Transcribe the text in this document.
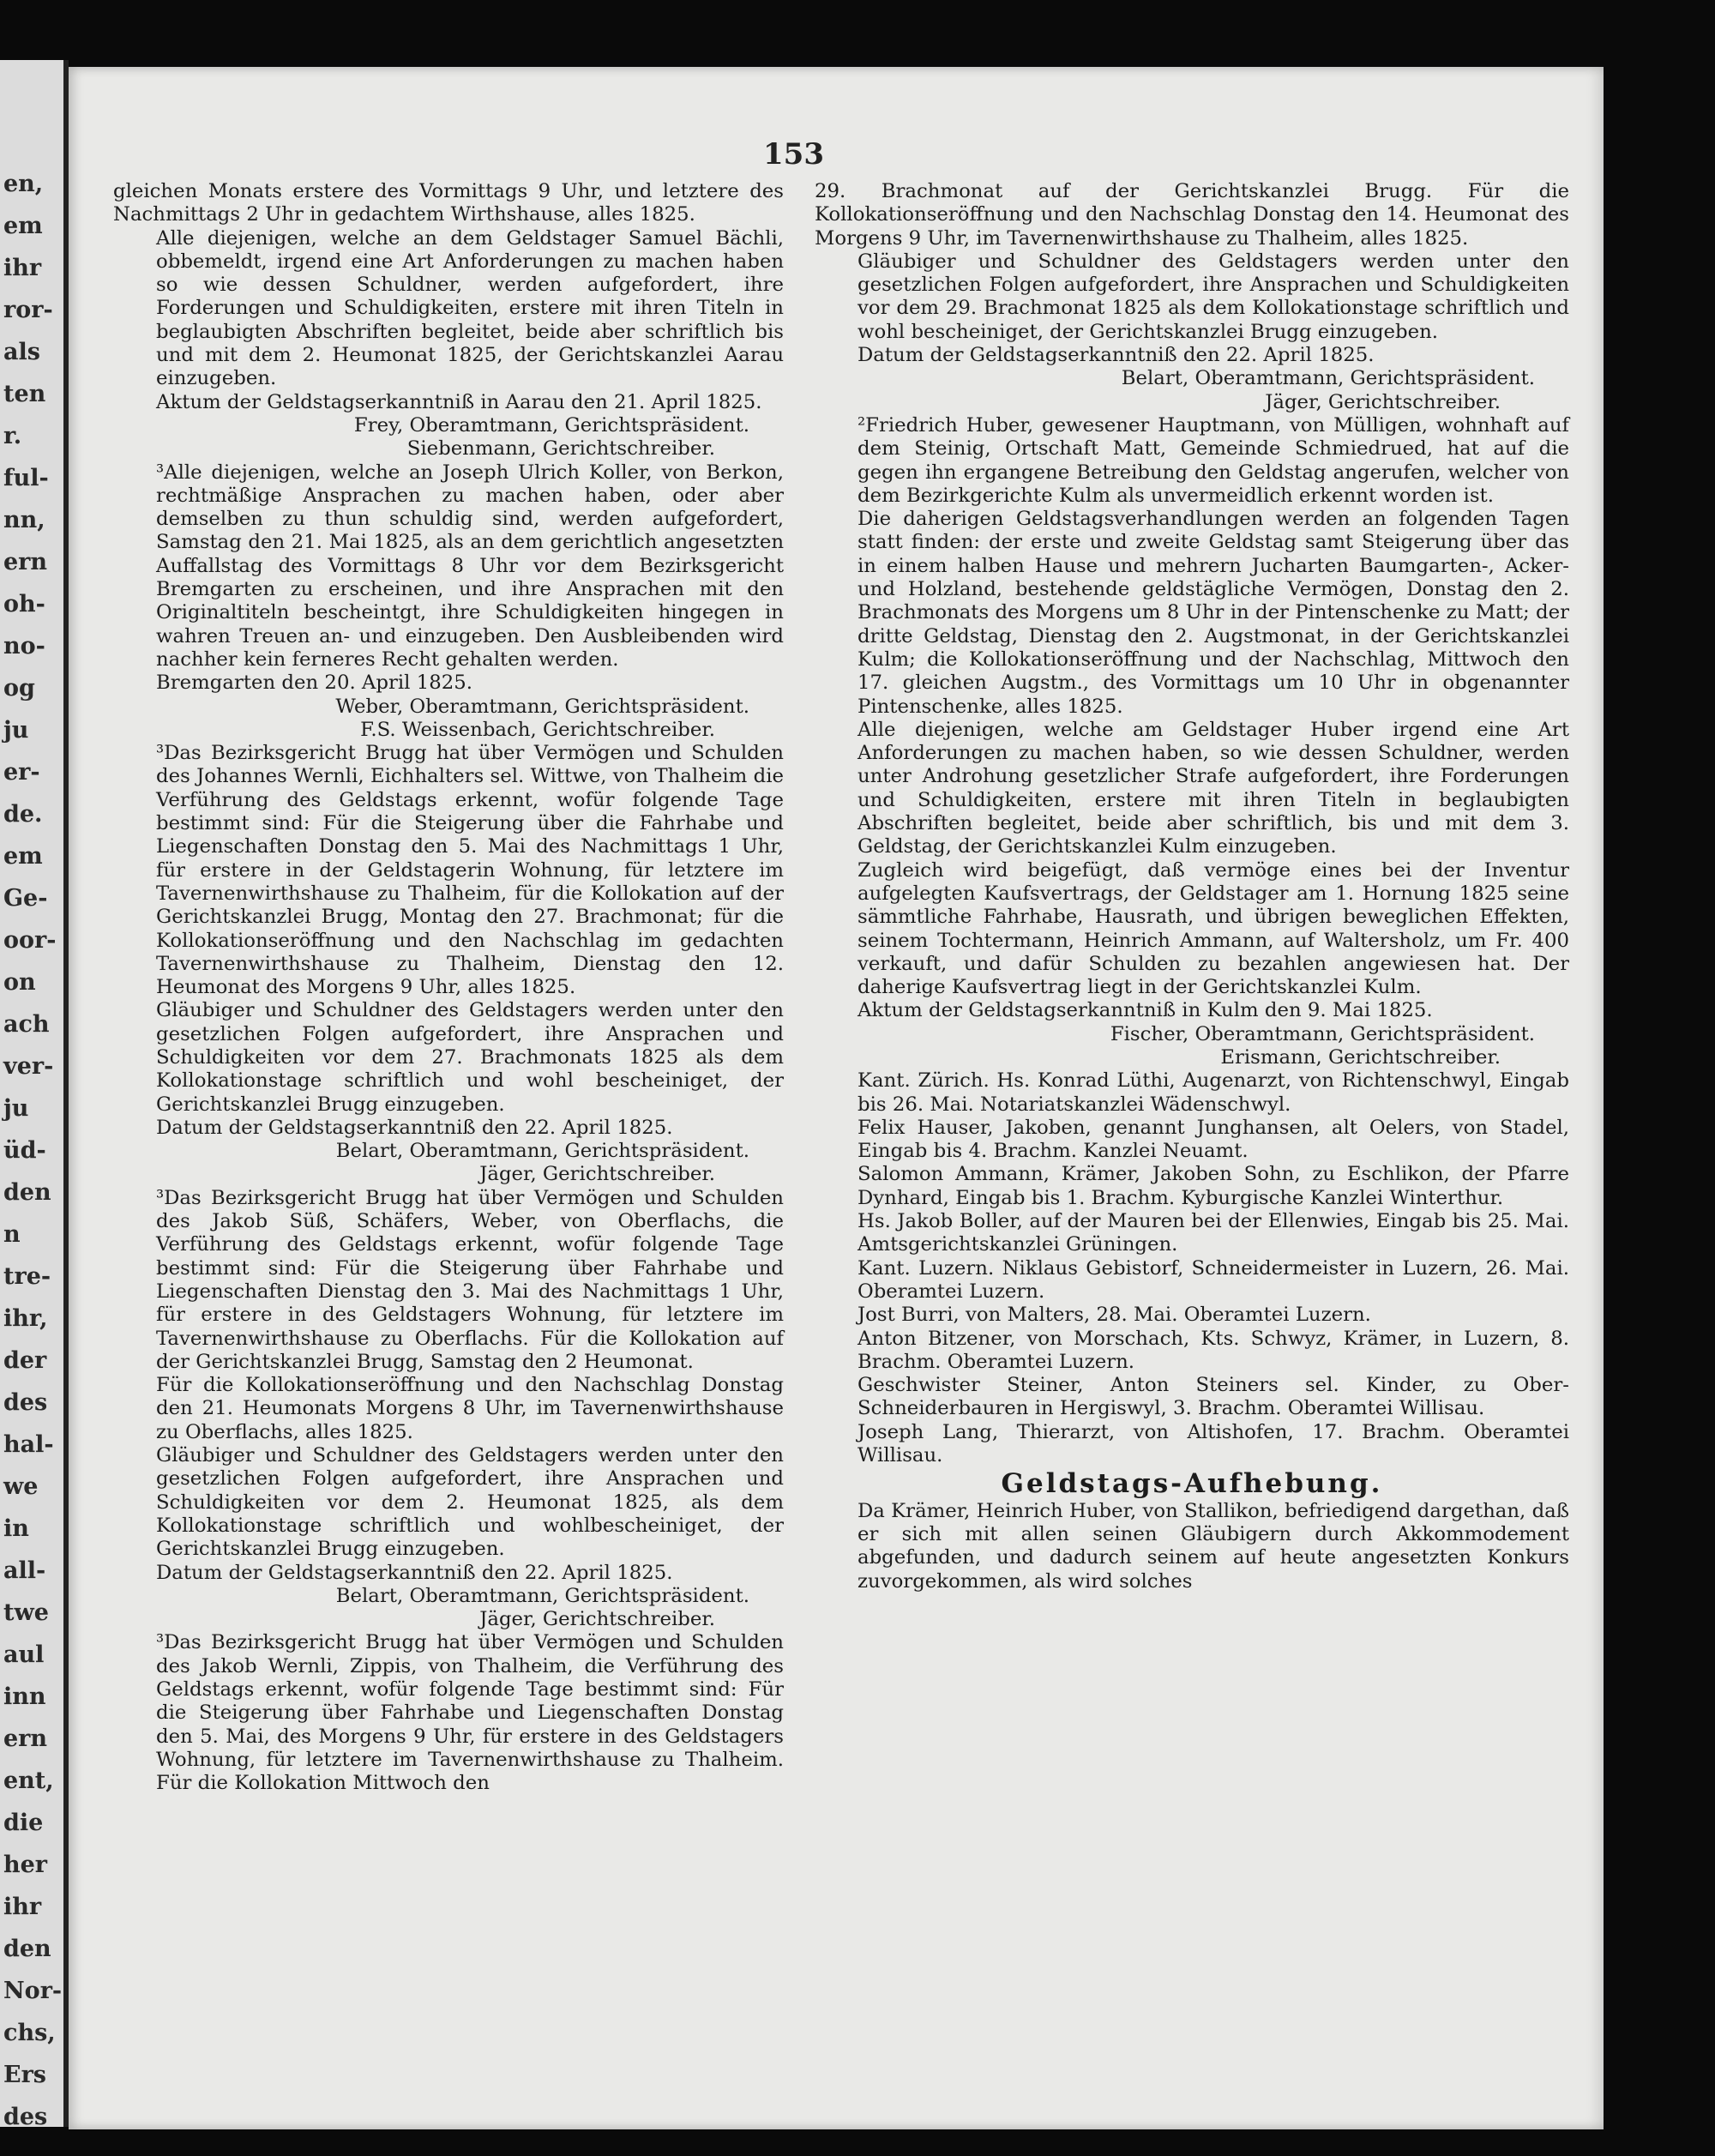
en,
em
ihr
ror-
als
ten
r.
ful-
nn,
ern
oh-
no-
og
ju
er-
de.
em
Ge-
oor-
on
ach
ver-
ju
üd-
den
n
tre-
ihr,
der
des
hal-
we
in
all-
twe
aul
inn
ern
ent,
die
her
ihr
den
Nor-
chs,
Ers
des
153

gleichen Monats erstere des Vormittags 9 Uhr, und letztere des Nachmittags 2 Uhr in gedachtem Wirthshause, alles 1825.

Alle diejenigen, welche an dem Geldstager Samuel Bächli, obbemeldt, irgend eine Art Anforderungen zu machen haben so wie dessen Schuldner, werden aufgefordert, ihre Forderungen und Schuldigkeiten, erstere mit ihren Titeln in beglaubigten Abschriften begleitet, beide aber schriftlich bis und mit dem 2. Heumonat 1825, der Gerichtskanzlei Aarau einzugeben.

Aktum der Geldstagserkanntniß in Aarau den 21. April 1825.

Frey, Oberamtmann, Gerichtspräsident.

Siebenmann, Gerichtschreiber.

³Alle diejenigen, welche an Joseph Ulrich Koller, von Berkon, rechtmäßige Ansprachen zu machen haben, oder aber demselben zu thun schuldig sind, werden aufgefordert, Samstag den 21. Mai 1825, als an dem gerichtlich angesetzten Auffallstag des Vormittags 8 Uhr vor dem Bezirksgericht Bremgarten zu erscheinen, und ihre Ansprachen mit den Originaltiteln bescheintgt, ihre Schuldigkeiten hingegen in wahren Treuen an- und einzugeben. Den Ausbleibenden wird nachher kein ferneres Recht gehalten werden.

Bremgarten den 20. April 1825.

Weber, Oberamtmann, Gerichtspräsident.

F.S. Weissenbach, Gerichtschreiber.

³Das Bezirksgericht Brugg hat über Vermögen und Schulden des Johannes Wernli, Eichhalters sel. Wittwe, von Thalheim die Verführung des Geldstags erkennt, wofür folgende Tage bestimmt sind: Für die Steigerung über die Fahrhabe und Liegenschaften Donstag den 5. Mai des Nachmittags 1 Uhr, für erstere in der Geldstagerin Wohnung, für letztere im Tavernenwirthshause zu Thalheim, für die Kollokation auf der Gerichtskanzlei Brugg, Montag den 27. Brachmonat; für die Kollokationseröffnung und den Nachschlag im gedachten Tavernenwirthshause zu Thalheim, Dienstag den 12. Heumonat des Morgens 9 Uhr, alles 1825.

Gläubiger und Schuldner des Geldstagers werden unter den gesetzlichen Folgen aufgefordert, ihre Ansprachen und Schuldigkeiten vor dem 27. Brachmonats 1825 als dem Kollokationstage schriftlich und wohl bescheiniget, der Gerichtskanzlei Brugg einzugeben.

Datum der Geldstagserkanntniß den 22. April 1825.

Belart, Oberamtmann, Gerichtspräsident.

Jäger, Gerichtschreiber.

³Das Bezirksgericht Brugg hat über Vermögen und Schulden des Jakob Süß, Schäfers, Weber, von Oberflachs, die Verführung des Geldstags erkennt, wofür folgende Tage bestimmt sind: Für die Steigerung über Fahrhabe und Liegenschaften Dienstag den 3. Mai des Nachmittags 1 Uhr, für erstere in des Geldstagers Wohnung, für letztere im Tavernenwirthshause zu Oberflachs. Für die Kollokation auf der Gerichtskanzlei Brugg, Samstag den 2 Heumonat.

Für die Kollokationseröffnung und den Nachschlag Donstag den 21. Heumonats Morgens 8 Uhr, im Tavernenwirthshause zu Oberflachs, alles 1825.

Gläubiger und Schuldner des Geldstagers werden unter den gesetzlichen Folgen aufgefordert, ihre Ansprachen und Schuldigkeiten vor dem 2. Heumonat 1825, als dem Kollokationstage schriftlich und wohlbescheiniget, der Gerichtskanzlei Brugg einzugeben.

Datum der Geldstagserkanntniß den 22. April 1825.

Belart, Oberamtmann, Gerichtspräsident.

Jäger, Gerichtschreiber.

³Das Bezirksgericht Brugg hat über Vermögen und Schulden des Jakob Wernli, Zippis, von Thalheim, die Verführung des Geldstags erkennt, wofür folgende Tage bestimmt sind: Für die Steigerung über Fahrhabe und Liegenschaften Donstag den 5. Mai, des Morgens 9 Uhr, für erstere in des Geldstagers Wohnung, für letztere im Tavernenwirthshause zu Thalheim. Für die Kollokation Mittwoch den

29. Brachmonat auf der Gerichtskanzlei Brugg. Für die Kollokationseröffnung und den Nachschlag Donstag den 14. Heumonat des Morgens 9 Uhr, im Tavernenwirthshause zu Thalheim, alles 1825.

Gläubiger und Schuldner des Geldstagers werden unter den gesetzlichen Folgen aufgefordert, ihre Ansprachen und Schuldigkeiten vor dem 29. Brachmonat 1825 als dem Kollokationstage schriftlich und wohl bescheiniget, der Gerichtskanzlei Brugg einzugeben.

Datum der Geldstagserkanntniß den 22. April 1825.

Belart, Oberamtmann, Gerichtspräsident.

Jäger, Gerichtschreiber.

²Friedrich Huber, gewesener Hauptmann, von Mülligen, wohnhaft auf dem Steinig, Ortschaft Matt, Gemeinde Schmiedrued, hat auf die gegen ihn ergangene Betreibung den Geldstag angerufen, welcher von dem Bezirkgerichte Kulm als unvermeidlich erkennt worden ist.

Die daherigen Geldstagsverhandlungen werden an folgenden Tagen statt finden: der erste und zweite Geldstag samt Steigerung über das in einem halben Hause und mehrern Jucharten Baumgarten-, Acker- und Holzland, bestehende geldstägliche Vermögen, Donstag den 2. Brachmonats des Morgens um 8 Uhr in der Pintenschenke zu Matt; der dritte Geldstag, Dienstag den 2. Augstmonat, in der Gerichtskanzlei Kulm; die Kollokationseröffnung und der Nachschlag, Mittwoch den 17. gleichen Augstm., des Vormittags um 10 Uhr in obgenannter Pintenschenke, alles 1825.

Alle diejenigen, welche am Geldstager Huber irgend eine Art Anforderungen zu machen haben, so wie dessen Schuldner, werden unter Androhung gesetzlicher Strafe aufgefordert, ihre Forderungen und Schuldigkeiten, erstere mit ihren Titeln in beglaubigten Abschriften begleitet, beide aber schriftlich, bis und mit dem 3. Geldstag, der Gerichtskanzlei Kulm einzugeben.

Zugleich wird beigefügt, daß vermöge eines bei der Inventur aufgelegten Kaufsvertrags, der Geldstager am 1. Hornung 1825 seine sämmtliche Fahrhabe, Hausrath, und übrigen beweglichen Effekten, seinem Tochtermann, Heinrich Ammann, auf Waltersholz, um Fr. 400 verkauft, und dafür Schulden zu bezahlen angewiesen hat. Der daherige Kaufsvertrag liegt in der Gerichtskanzlei Kulm.

Aktum der Geldstagserkanntniß in Kulm den 9. Mai 1825.

Fischer, Oberamtmann, Gerichtspräsident.

Erismann, Gerichtschreiber.

Kant. Zürich. Hs. Konrad Lüthi, Augenarzt, von Richtenschwyl, Eingab bis 26. Mai. Notariatskanzlei Wädenschwyl.

Felix Hauser, Jakoben, genannt Junghansen, alt Oelers, von Stadel, Eingab bis 4. Brachm. Kanzlei Neuamt.

Salomon Ammann, Krämer, Jakoben Sohn, zu Eschlikon, der Pfarre Dynhard, Eingab bis 1. Brachm. Kyburgische Kanzlei Winterthur.

Hs. Jakob Boller, auf der Mauren bei der Ellenwies, Eingab bis 25. Mai. Amtsgerichtskanzlei Grüningen.

Kant. Luzern. Niklaus Gebistorf, Schneidermeister in Luzern, 26. Mai. Oberamtei Luzern.

Jost Burri, von Malters, 28. Mai. Oberamtei Luzern.

Anton Bitzener, von Morschach, Kts. Schwyz, Krämer, in Luzern, 8. Brachm. Oberamtei Luzern.

Geschwister Steiner, Anton Steiners sel. Kinder, zu Ober-Schneiderbauren in Hergiswyl, 3. Brachm. Oberamtei Willisau.

Joseph Lang, Thierarzt, von Altishofen, 17. Brachm. Oberamtei Willisau.

Geldstags-Aufhebung.

Da Krämer, Heinrich Huber, von Stallikon, befriedigend dargethan, daß er sich mit allen seinen Gläubigern durch Akkommodement abgefunden, und dadurch seinem auf heute angesetzten Konkurs zuvorgekommen, als wird solches
